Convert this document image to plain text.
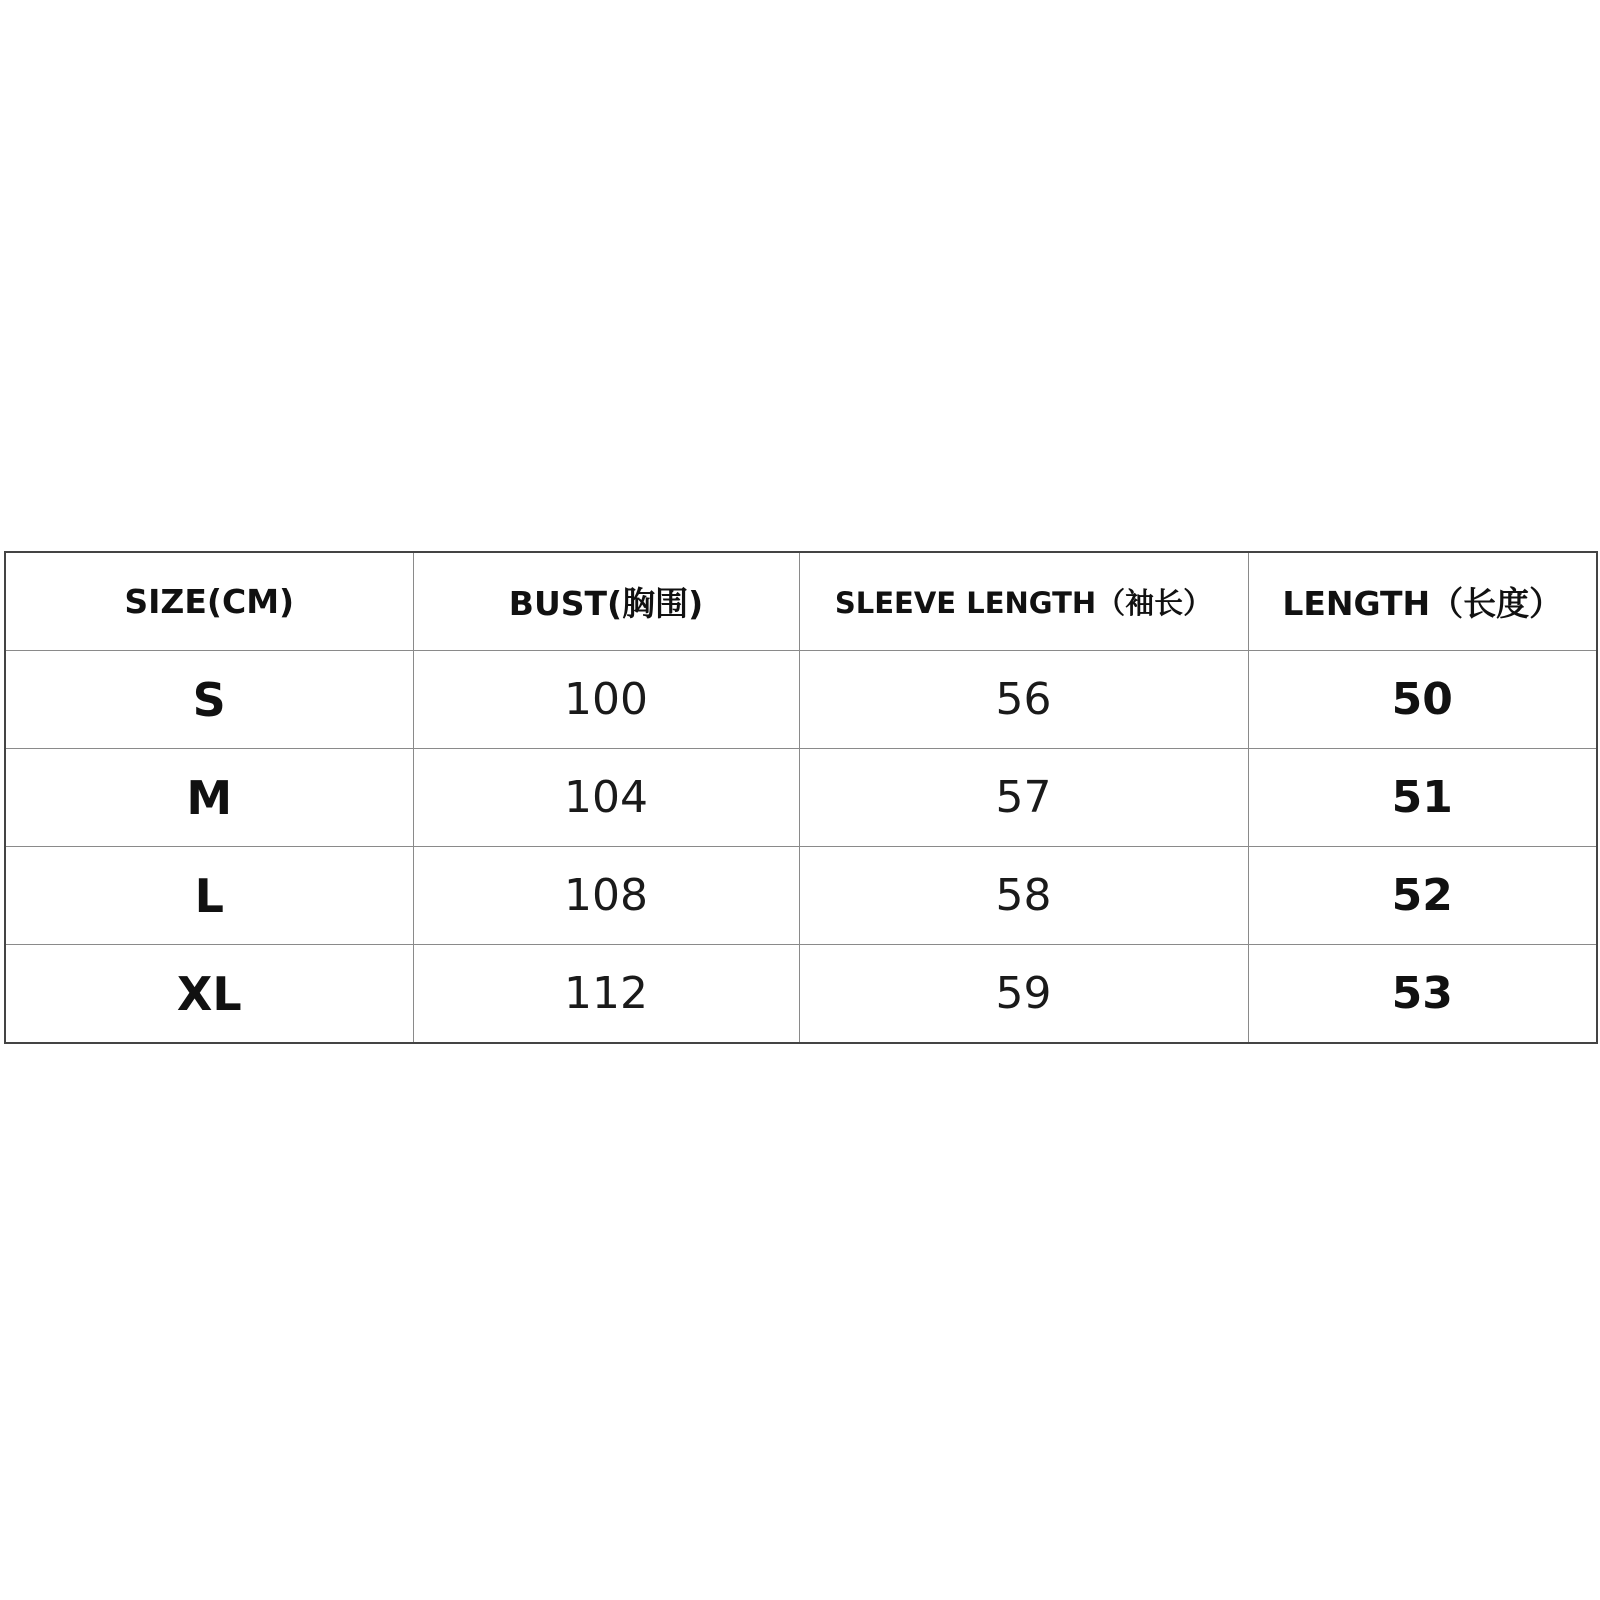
SIZE(CM)	BUST(胸围)	SLEEVE LENGTH（袖长）	LENGTH（长度）
S	100	56	50
M	104	57	51
L	108	58	52
XL	112	59	53
